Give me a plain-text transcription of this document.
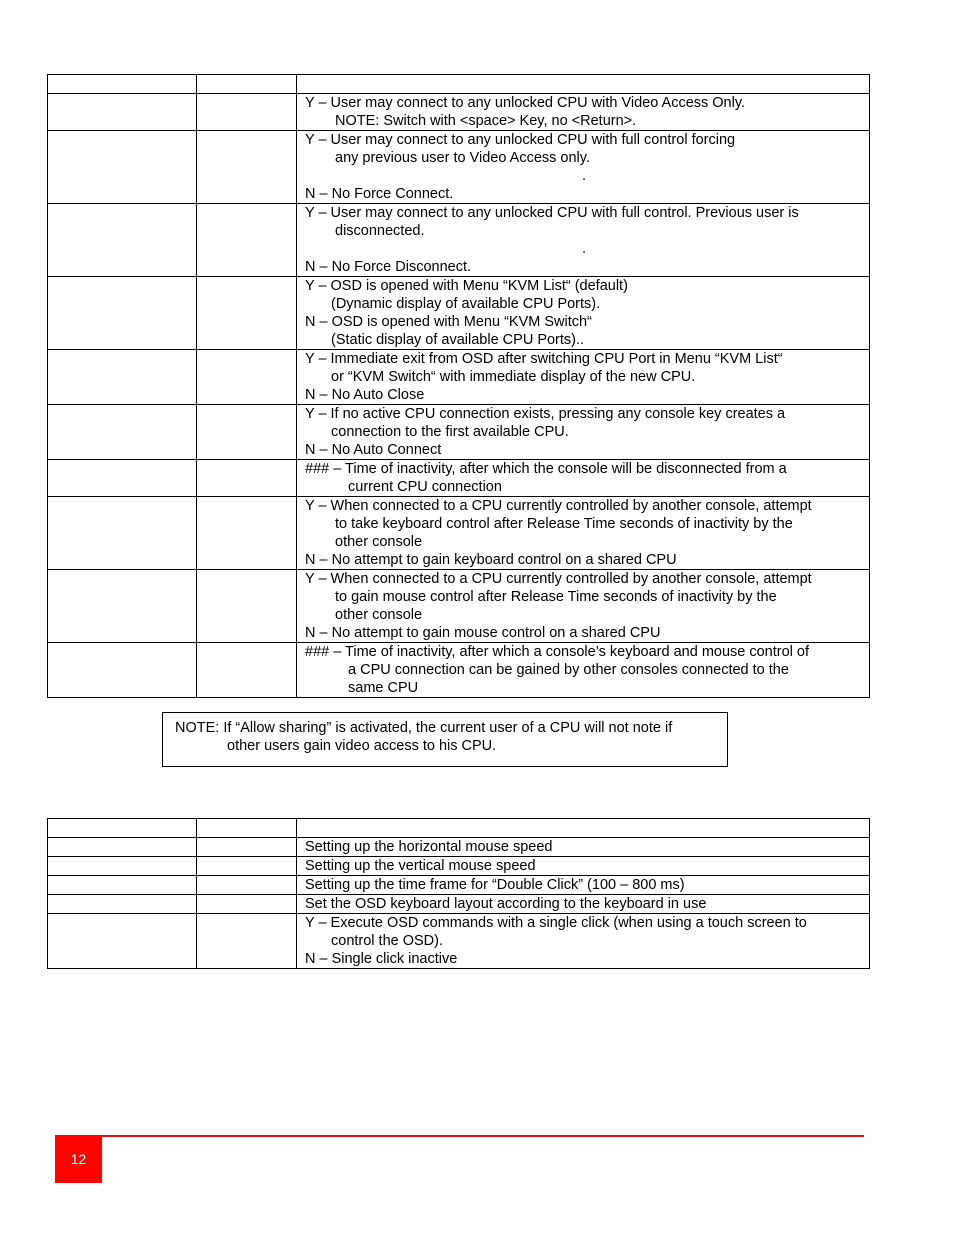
		Y – User may connect to any unlocked CPU with Video Access Only.
NOTE: Switch with <space> Key, no <Return>.

		Y – User may connect to any unlocked CPU with full control forcing
any previous user to Video Access only.
.
N – No Force Connect.

		Y – User may connect to any unlocked CPU with full control. Previous user is
disconnected.
.
N – No Force Disconnect.

		Y – OSD is opened with Menu “KVM List“ (default)
(Dynamic display of available CPU Ports).
N – OSD is opened with Menu “KVM Switch“
(Static display of available CPU Ports)..

		Y – Immediate exit from OSD after switching CPU Port in Menu “KVM List“
or “KVM Switch“ with immediate display of the new CPU.
N – No Auto Close

		Y – If no active CPU connection exists, pressing any console key creates a
connection to the first available CPU.
N – No Auto Connect

		### – Time of inactivity, after which the console will be disconnected from a
current CPU connection

		Y – When connected to a CPU currently controlled by another console, attempt
to take keyboard control after Release Time seconds of inactivity by the
other console
N – No attempt to gain keyboard control on a shared CPU

		Y – When connected to a CPU currently controlled by another console, attempt
to gain mouse control after Release Time seconds of inactivity by the
other console
N – No attempt to gain mouse control on a shared CPU

		### – Time of inactivity, after which a console’s keyboard and mouse control of
a CPU connection can be gained by other consoles connected to the
same CPU
NOTE: If “Allow sharing” is activated, the current user of a CPU will not note if
other users gain video access to his CPU.

		Setting up the horizontal mouse speed

		Setting up the vertical mouse speed

		Setting up the time frame for “Double Click” (100 – 800 ms)

		Set the OSD keyboard layout according to the keyboard in use

		Y – Execute OSD commands with a single click (when using a touch screen to
control the OSD).
N – Single click inactive
12
